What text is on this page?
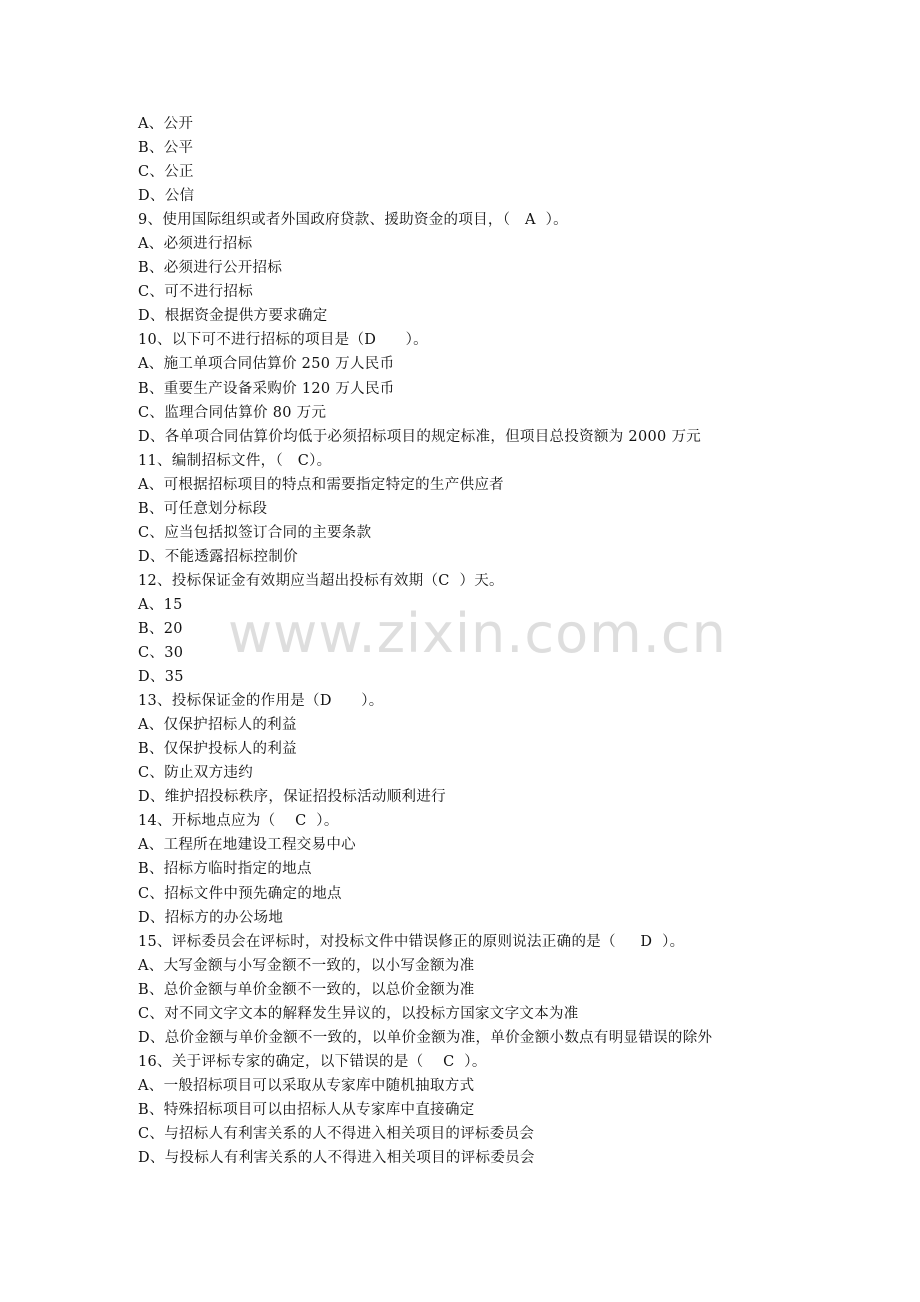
A、公开
B、公平
C、公正
D、公信
9、使用国际组织或者外国政府贷款、援助资金的项目，（   A  ）。
A、必须进行招标
B、必须进行公开招标
C、可不进行招标
D、根据资金提供方要求确定
10、以下可不进行招标的项目是（D      ）。
A、施工单项合同估算价 250 万人民币
B、重要生产设备采购价 120 万人民币
C、监理合同估算价 80 万元
D、各单项合同估算价均低于必须招标项目的规定标准，但项目总投资额为 2000 万元
11、编制招标文件，（   C）。
A、可根据招标项目的特点和需要指定特定的生产供应者
B、可任意划分标段
C、应当包括拟签订合同的主要条款
D、不能透露招标控制价
12、投标保证金有效期应当超出投标有效期（C  ）天。
A、15
B、20
C、30
D、35
13、投标保证金的作用是（D      ）。
A、仅保护招标人的利益
B、仅保护投标人的利益
C、防止双方违约
D、维护招投标秩序，保证招投标活动顺利进行
14、开标地点应为（    C  ）。
A、工程所在地建设工程交易中心
B、招标方临时指定的地点
C、招标文件中预先确定的地点
D、招标方的办公场地
15、评标委员会在评标时，对投标文件中错误修正的原则说法正确的是（     D  ）。
A、大写金额与小写金额不一致的，以小写金额为准
B、总价金额与单价金额不一致的，以总价金额为准
C、对不同文字文本的解释发生异议的，以投标方国家文字文本为准
D、总价金额与单价金额不一致的，以单价金额为准，单价金额小数点有明显错误的除外
16、关于评标专家的确定，以下错误的是（    C  ）。
A、一般招标项目可以采取从专家库中随机抽取方式
B、特殊招标项目可以由招标人从专家库中直接确定
C、与招标人有利害关系的人不得进入相关项目的评标委员会
D、与投标人有利害关系的人不得进入相关项目的评标委员会
www.zixin.com.cn
